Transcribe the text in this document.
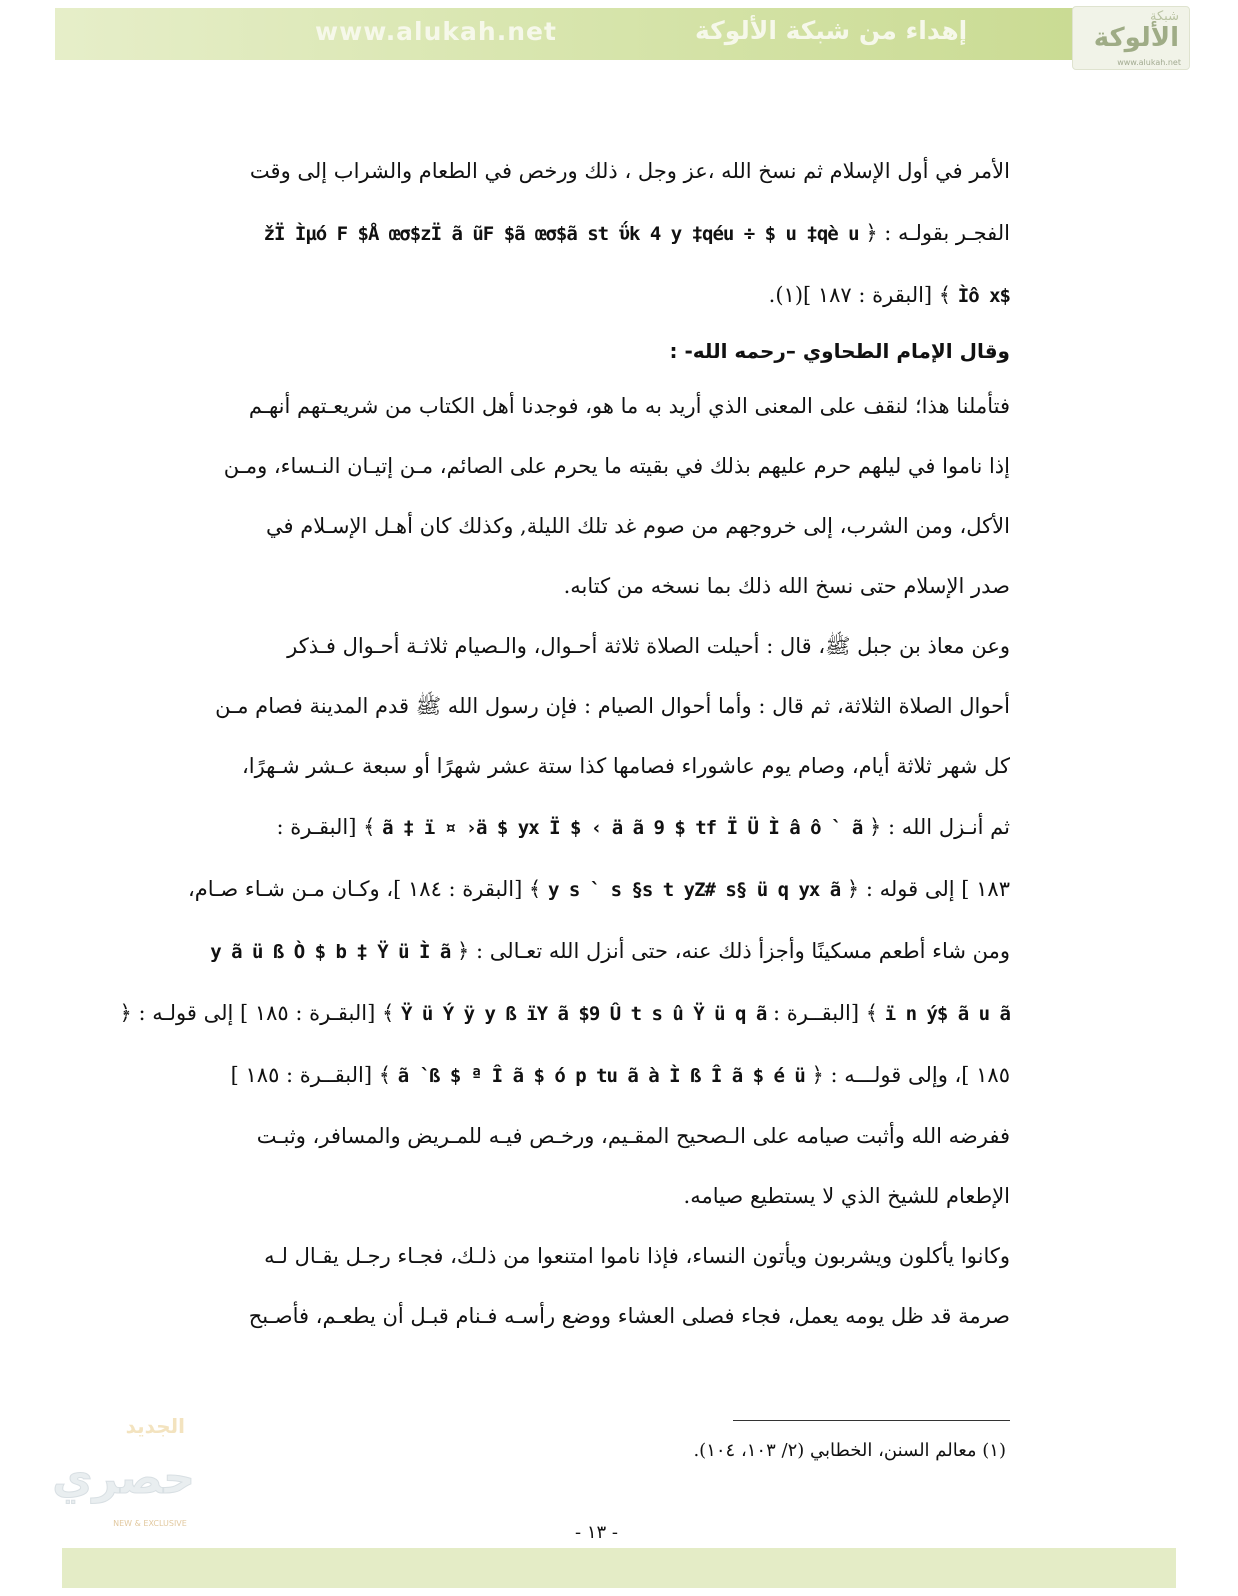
www.alukah.net	إهداء من شبكة الألوكة	شبكة
الألوكة
www.alukah.net
الأمر في أول الإسلام ثم نسخ الله ،عز وجل ، ذلك ورخص في الطعام والشراب إلى وقت
الفجـر بقولـه : ﴿ žÏ Ìµó F $Å œσ$zÏ ã ũF $ã œσ$ã st ΰk 4 y ‡qéu ÷ $ u ‡qè u
Ìô x$ ﴾ [البقرة : ١٨٧ ](١).
وقال الإمام الطحاوي –رحمه الله- :
فتأملنا هذا؛ لنقف على المعنى الذي أريد به ما هو، فوجدنا أهل الكتاب من شريعـتهم أنهـم
إذا ناموا في ليلهم حرم عليهم بذلك في بقيته ما يحرم على الصائم، مـن إتيـان النـساء، ومـن
الأكل، ومن الشرب، إلى خروجهم من صوم غد تلك الليلة, وكذلك كان أهـل الإسـلام في
صدر الإسلام حتى نسخ الله ذلك بما نسخه من كتابه.
وعن معاذ بن جبل ﷺ، قال : أحيلت الصلاة ثلاثة أحـوال، والـصيام ثلاثـة أحـوال فـذكر
أحوال الصلاة الثلاثة، ثم قال : وأما أحوال الصيام : فإن رسول الله ﷺ قدم المدينة فصام مـن
كل شهر ثلاثة أيام، وصام يوم عاشوراء فصامها كذا ستة عشر شهرًا أو سبعة عـشر شـهرًا،
ثم أنـزل الله : ﴿ ã ‡ ï ¤ ›ä $ yx Ï $ ‹ ä ã 9 $ tf Ï Ü Ì â ô ` ã ﴾ [البقـرة :
١٨٣ ] إلى قوله : ﴿ y s ` s §s t yZ# s§ ü q yx ã ﴾ [البقرة : ١٨٤ ]، وكـان مـن شـاء صـام،
ومن شاء أطعم مسكينًا وأجزأ ذلك عنه، حتى أنزل الله تعـالى : ﴿ y ã ü ß Ò $ b ‡ Ÿ ü Ì ã
ï n ý$ ã u ã ﴾ [البقــرة : Ÿ ü Ý ÿ y ß ïY ã $9 Û t s û Ÿ ü q ã ﴾ [البقـرة : ١٨٥ ] إلى قولـه : ﴿
١٨٥ ]، وإلى قولـــه : ﴿ ã ̀ ß $ ª Î ã $ ó p tu ã à Ì ß Î ã $ é ü ﴾ [البقــرة : ١٨٥ ]
ففرضه الله وأثبت صيامه على الـصحيح المقـيم، ورخـص فيـه للمـريض والمسافر، وثبـت
الإطعام للشيخ الذي لا يستطيع صيامه.
وكانوا يأكلون ويشربون ويأتون النساء، فإذا ناموا امتنعوا من ذلـك، فجـاء رجـل يقـال لـه
صرمة قد ظل يومه يعمل، فجاء فصلى العشاء ووضع رأسـه فـنام قبـل أن يطعـم، فأصـبح
(١) معالم السنن، الخطابي (٢/ ١٠٣، ١٠٤).
الجديد
حصري
NEW & EXCLUSIVE	- ١٣ -
